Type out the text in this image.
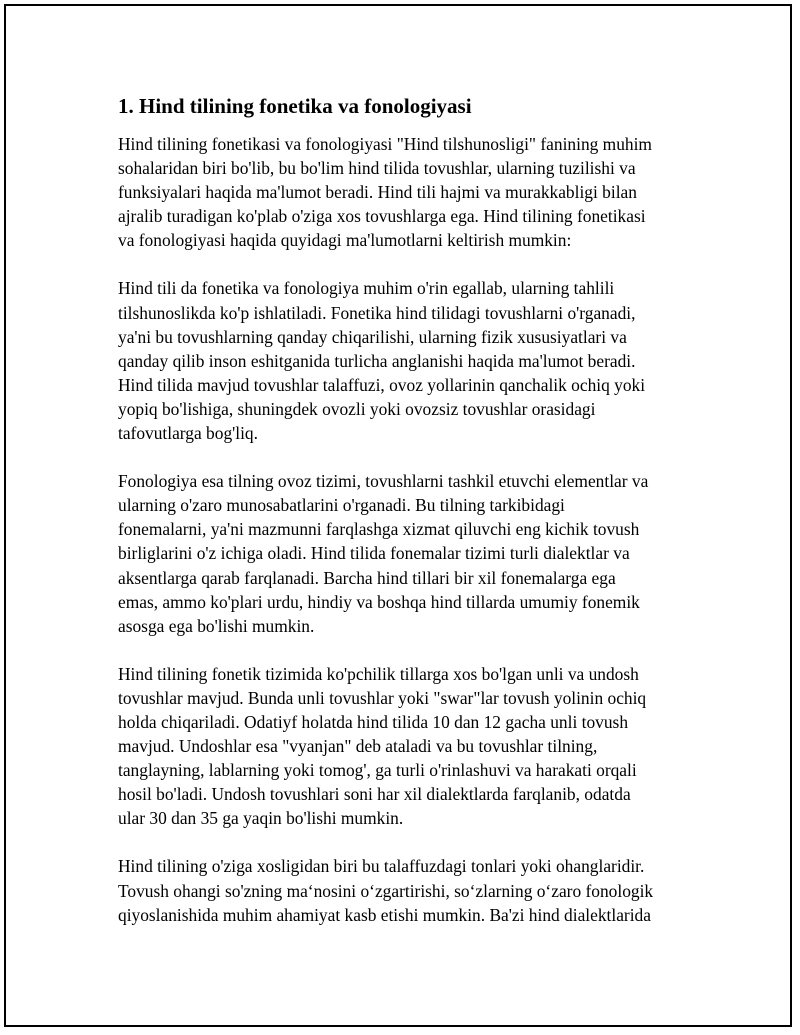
1. Hind tilining fonetika va fonologiyasi

Hind tilining fonetikasi va fonologiyasi "Hind tilshunosligi" fanining muhim
sohalaridan biri bo'lib, bu bo'lim hind tilida tovushlar, ularning tuzilishi va
funksiyalari haqida ma'lumot beradi. Hind tili hajmi va murakkabligi bilan
ajralib turadigan ko'plab o'ziga xos tovushlarga ega. Hind tilining fonetikasi
va fonologiyasi haqida quyidagi ma'lumotlarni keltirish mumkin:

Hind tili da fonetika va fonologiya muhim o'rin egallab, ularning tahlili
tilshunoslikda ko'p ishlatiladi. Fonetika hind tilidagi tovushlarni o'rganadi,
ya'ni bu tovushlarning qanday chiqarilishi, ularning fizik xususiyatlari va
qanday qilib inson eshitganida turlicha anglanishi haqida ma'lumot beradi.
Hind tilida mavjud tovushlar talaffuzi, ovoz yollarinin qanchalik ochiq yoki
yopiq bo'lishiga, shuningdek ovozli yoki ovozsiz tovushlar orasidagi
tafovutlarga bog'liq.

Fonologiya esa tilning ovoz tizimi, tovushlarni tashkil etuvchi elementlar va
ularning o'zaro munosabatlarini o'rganadi. Bu tilning tarkibidagi
fonemalarni, ya'ni mazmunni farqlashga xizmat qiluvchi eng kichik tovush
birliglarini o'z ichiga oladi. Hind tilida fonemalar tizimi turli dialektlar va
aksentlarga qarab farqlanadi. Barcha hind tillari bir xil fonemalarga ega
emas, ammo ko'plari urdu, hindiy va boshqa hind tillarda umumiy fonemik
asosga ega bo'lishi mumkin.

Hind tilining fonetik tizimida ko'pchilik tillarga xos bo'lgan unli va undosh
tovushlar mavjud. Bunda unli tovushlar yoki "swar"lar tovush yolinin ochiq
holda chiqariladi. Odatiyf holatda hind tilida 10 dan 12 gacha unli tovush
mavjud. Undoshlar esa "vyanjan" deb ataladi va bu tovushlar tilning,
tanglayning, lablarning yoki tomog', ga turli o'rinlashuvi va harakati orqali
hosil bo'ladi. Undosh tovushlari soni har xil dialektlarda farqlanib, odatda
ular 30 dan 35 ga yaqin bo'lishi mumkin.

Hind tilining o'ziga xosligidan biri bu talaffuzdagi tonlari yoki ohanglaridir.
Tovush ohangi so'zning ma‘nosini o‘zgartirishi, so‘zlarning o‘zaro fonologik
qiyoslanishida muhim ahamiyat kasb etishi mumkin. Ba'zi hind dialektlarida
